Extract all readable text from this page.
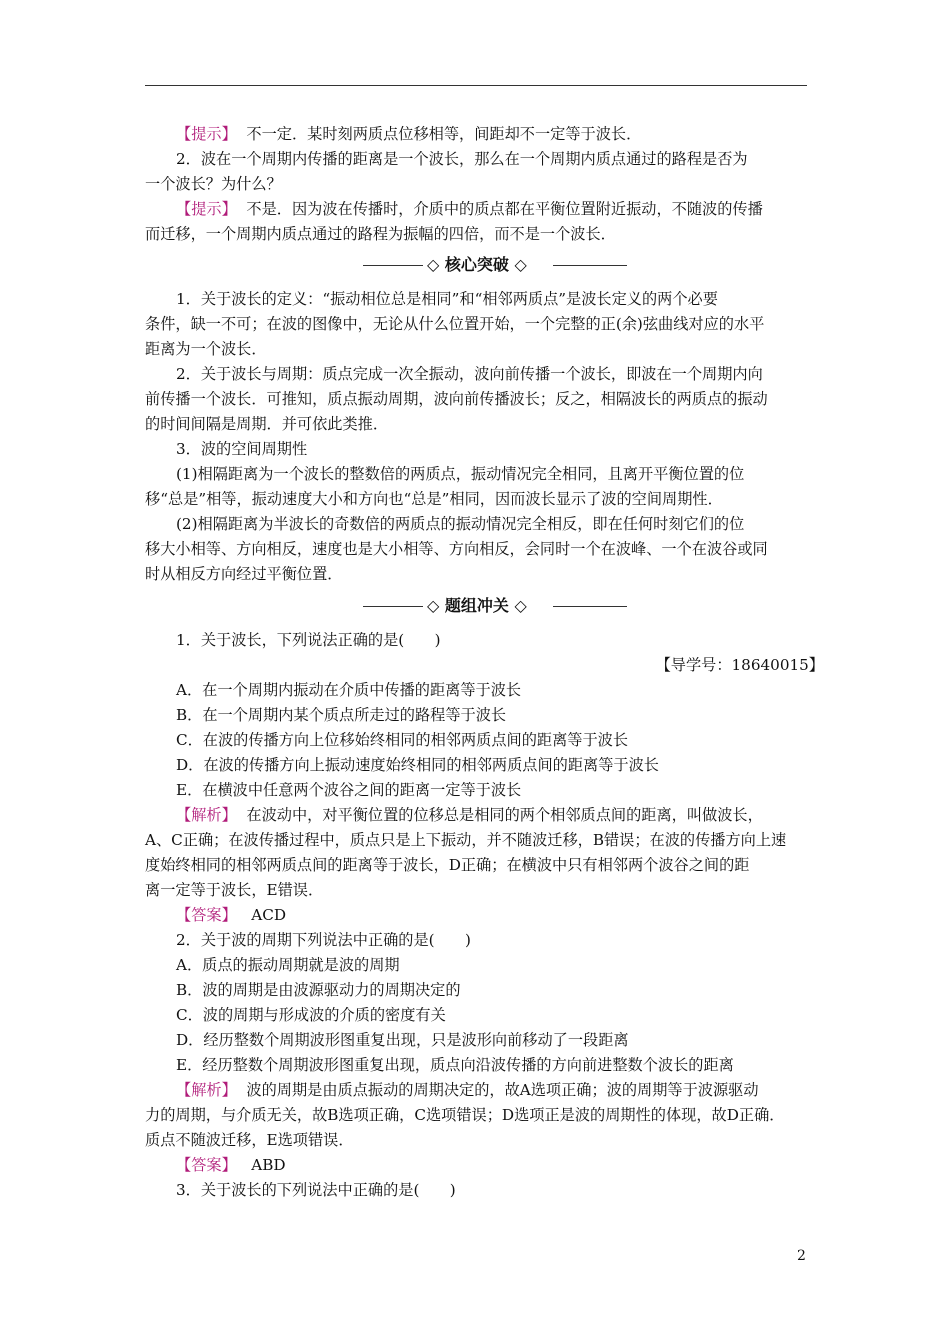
【提示】 不一定．某时刻两质点位移相等，间距却不一定等于波长．
2．波在一个周期内传播的距离是一个波长，那么在一个周期内质点通过的路程是否为
一个波长？为什么？
【提示】 不是．因为波在传播时，介质中的质点都在平衡位置附近振动，不随波的传播
而迁移，一个周期内质点通过的路程为振幅的四倍，而不是一个波长．
◇ 核心突破 ◇
1．关于波长的定义：“振动相位总是相同”和“相邻两质点”是波长定义的两个必要
条件，缺一不可；在波的图像中，无论从什么位置开始，一个完整的正(余)弦曲线对应的水平
距离为一个波长．
2．关于波长与周期：质点完成一次全振动，波向前传播一个波长，即波在一个周期内向
前传播一个波长．可推知，质点振动周期，波向前传播波长；反之，相隔波长的两质点的振动
的时间间隔是周期．并可依此类推．
3．波的空间周期性
(1)相隔距离为一个波长的整数倍的两质点，振动情况完全相同，且离开平衡位置的位
移“总是”相等，振动速度大小和方向也“总是”相同，因而波长显示了波的空间周期性．
(2)相隔距离为半波长的奇数倍的两质点的振动情况完全相反，即在任何时刻它们的位
移大小相等、方向相反，速度也是大小相等、方向相反，会同时一个在波峰、一个在波谷或同
时从相反方向经过平衡位置．
◇ 题组冲关 ◇
1．关于波长，下列说法正确的是(　　)
【导学号：18640015】
A．在一个周期内振动在介质中传播的距离等于波长
B．在一个周期内某个质点所走过的路程等于波长
C．在波的传播方向上位移始终相同的相邻两质点间的距离等于波长
D．在波的传播方向上振动速度始终相同的相邻两质点间的距离等于波长
E．在横波中任意两个波谷之间的距离一定等于波长
【解析】 在波动中，对平衡位置的位移总是相同的两个相邻质点间的距离，叫做波长，
A、C正确；在波传播过程中，质点只是上下振动，并不随波迁移，B错误；在波的传播方向上速
度始终相同的相邻两质点间的距离等于波长，D正确；在横波中只有相邻两个波谷之间的距
离一定等于波长，E错误．
【答案】 ACD
2．关于波的周期下列说法中正确的是(　　)
A．质点的振动周期就是波的周期
B．波的周期是由波源驱动力的周期决定的
C．波的周期与形成波的介质的密度有关
D．经历整数个周期波形图重复出现，只是波形向前移动了一段距离
E．经历整数个周期波形图重复出现，质点向沿波传播的方向前进整数个波长的距离
【解析】 波的周期是由质点振动的周期决定的，故A选项正确；波的周期等于波源驱动
力的周期，与介质无关，故B选项正确，C选项错误；D选项正是波的周期性的体现，故D正确．
质点不随波迁移，E选项错误．
【答案】 ABD
3．关于波长的下列说法中正确的是(　　)
2
